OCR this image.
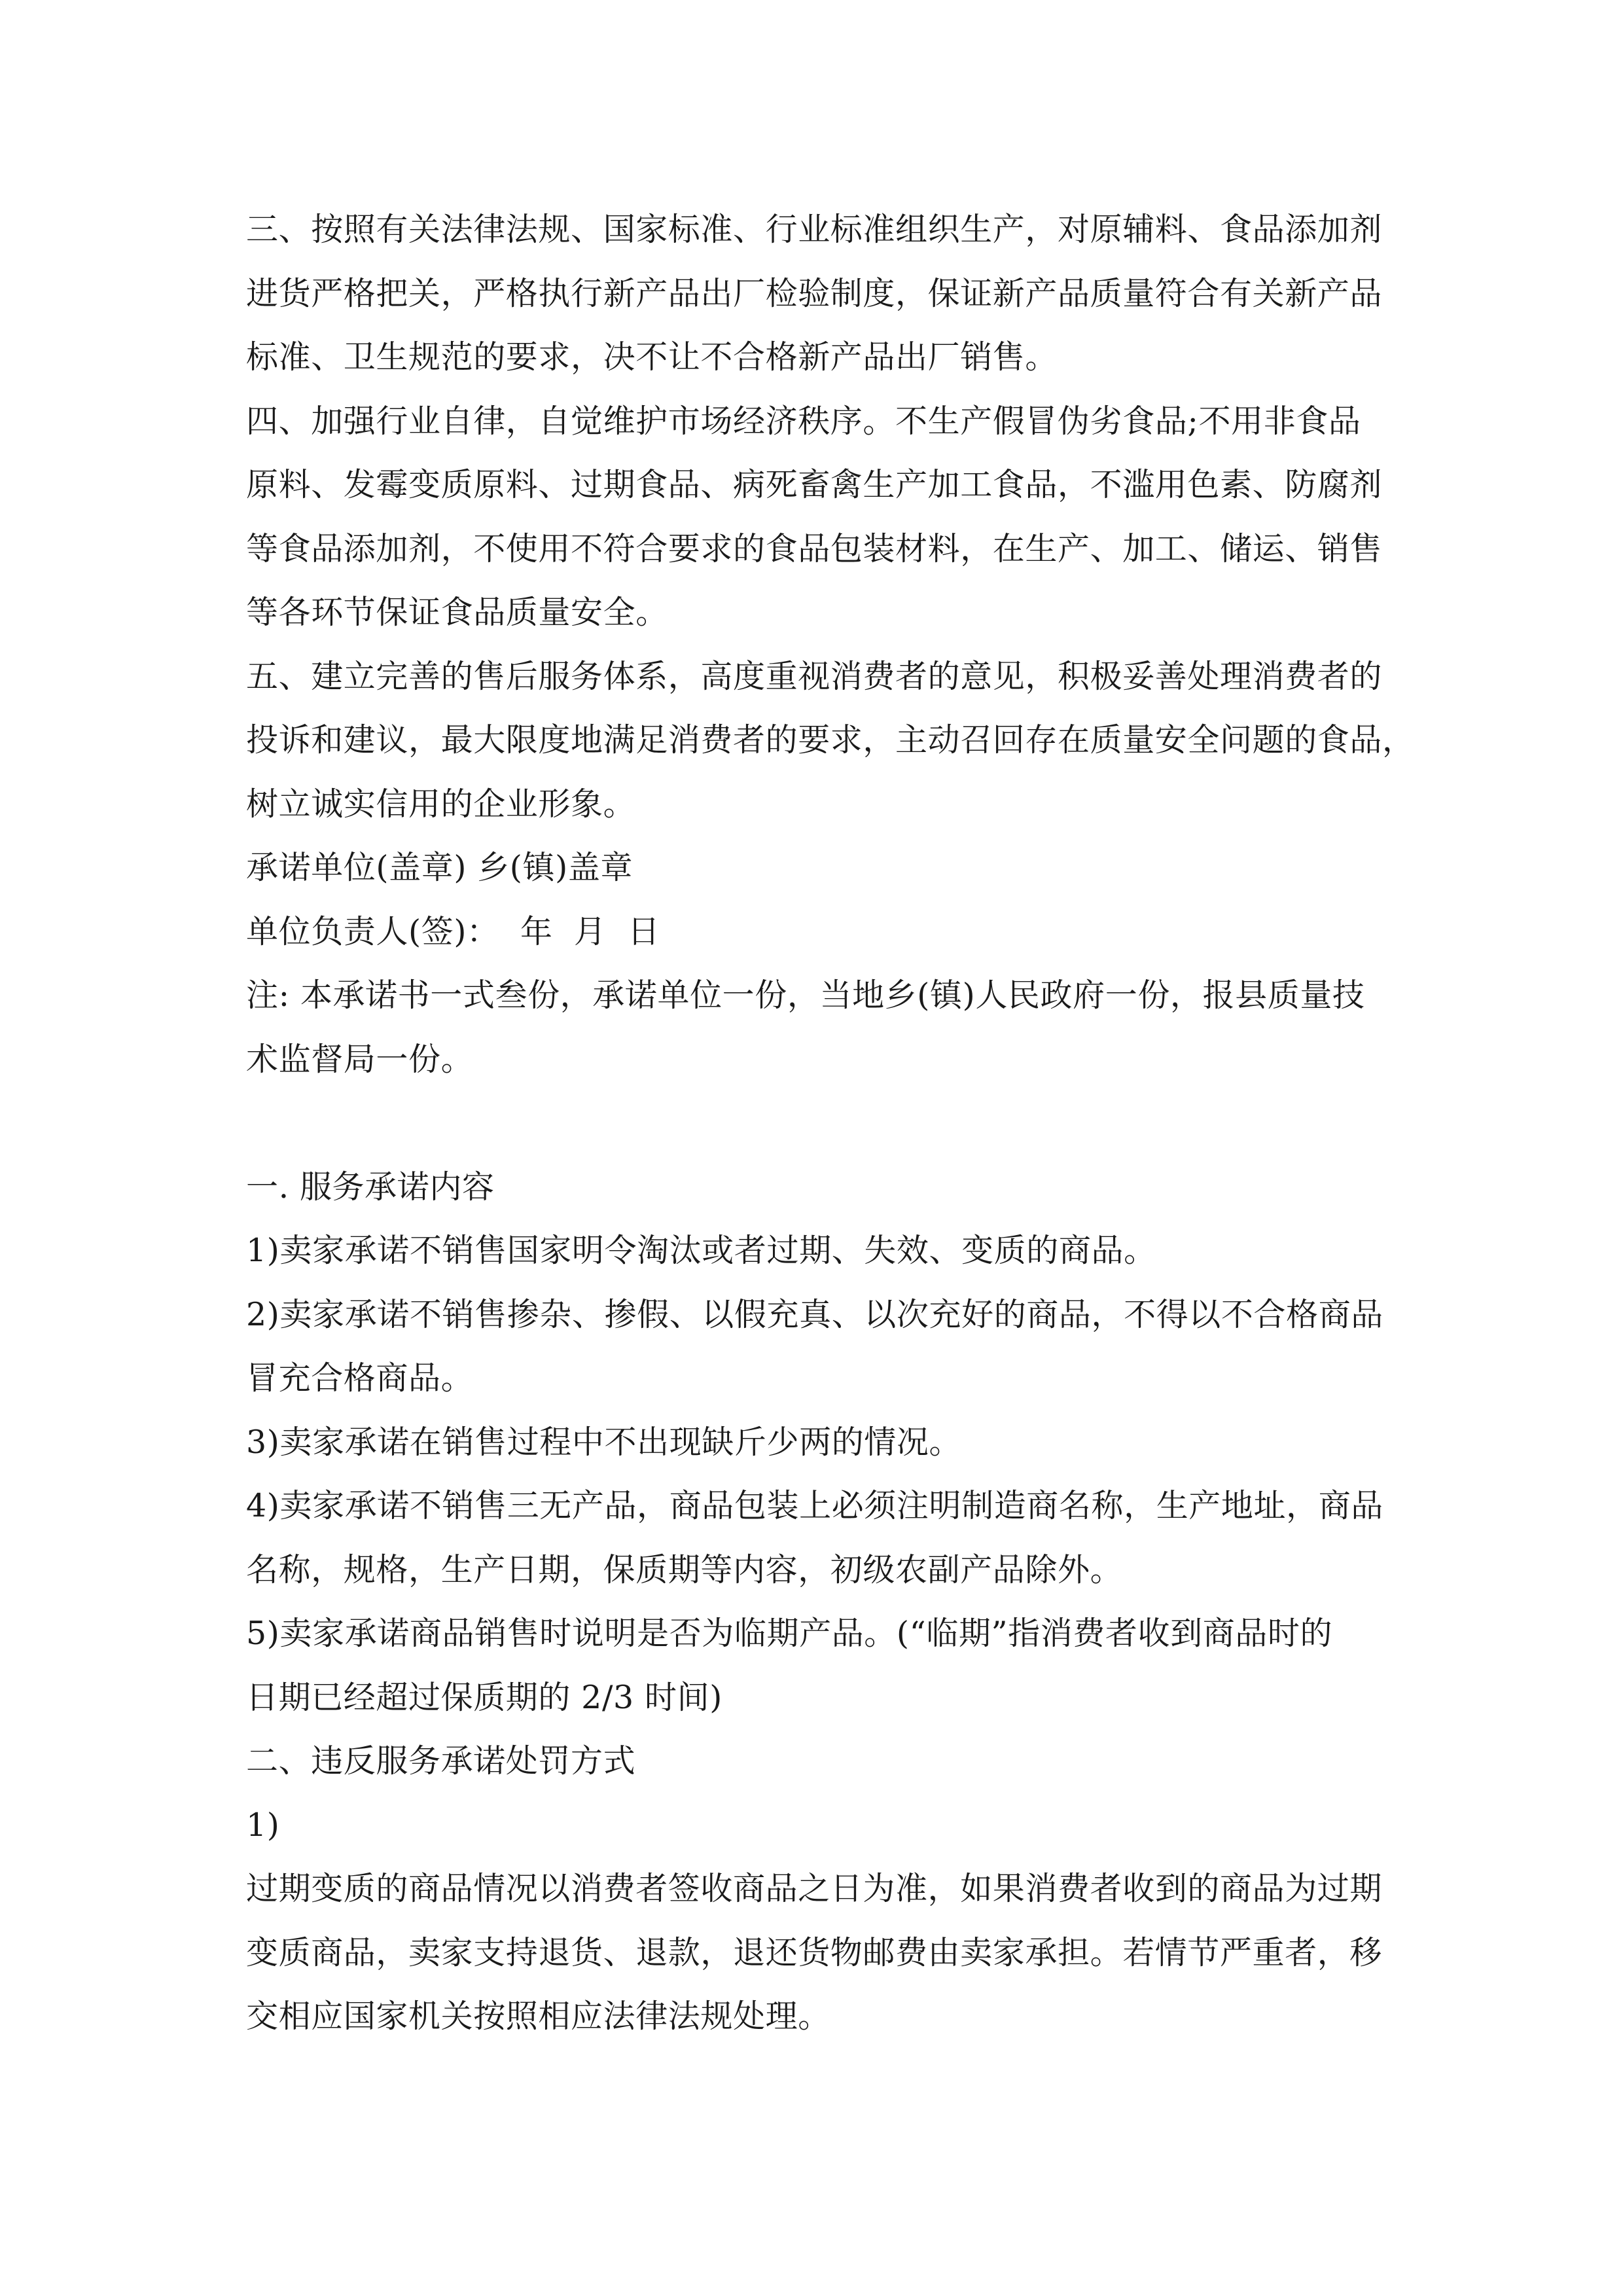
三、按照有关法律法规、国家标准、行业标准组织生产，对原辅料、食品添加剂
进货严格把关，严格执行新产品出厂检验制度，保证新产品质量符合有关新产品
标准、卫生规范的要求，决不让不合格新产品出厂销售。
四、加强行业自律，自觉维护市场经济秩序。不生产假冒伪劣食品;不用非食品
原料、发霉变质原料、过期食品、病死畜禽生产加工食品，不滥用色素、防腐剂
等食品添加剂，不使用不符合要求的食品包装材料，在生产、加工、储运、销售
等各环节保证食品质量安全。
五、建立完善的售后服务体系，高度重视消费者的意见，积极妥善处理消费者的
投诉和建议，最大限度地满足消费者的要求，主动召回存在质量安全问题的食品，
树立诚实信用的企业形象。
承诺单位(盖章) 乡(镇)盖章
单位负责人(签)：  年  月  日
注: 本承诺书一式叁份，承诺单位一份，当地乡(镇)人民政府一份，报县质量技
术监督局一份。
一. 服务承诺内容
1)卖家承诺不销售国家明令淘汰或者过期、失效、变质的商品。
2)卖家承诺不销售掺杂、掺假、以假充真、以次充好的商品，不得以不合格商品
冒充合格商品。
3)卖家承诺在销售过程中不出现缺斤少两的情况。
4)卖家承诺不销售三无产品，商品包装上必须注明制造商名称，生产地址，商品
名称，规格，生产日期，保质期等内容，初级农副产品除外。
5)卖家承诺商品销售时说明是否为临期产品。(“临期”指消费者收到商品时的
日期已经超过保质期的 2/3 时间)
二、违反服务承诺处罚方式
1)
过期变质的商品情况以消费者签收商品之日为准，如果消费者收到的商品为过期
变质商品，卖家支持退货、退款，退还货物邮费由卖家承担。若情节严重者，移
交相应国家机关按照相应法律法规处理。
